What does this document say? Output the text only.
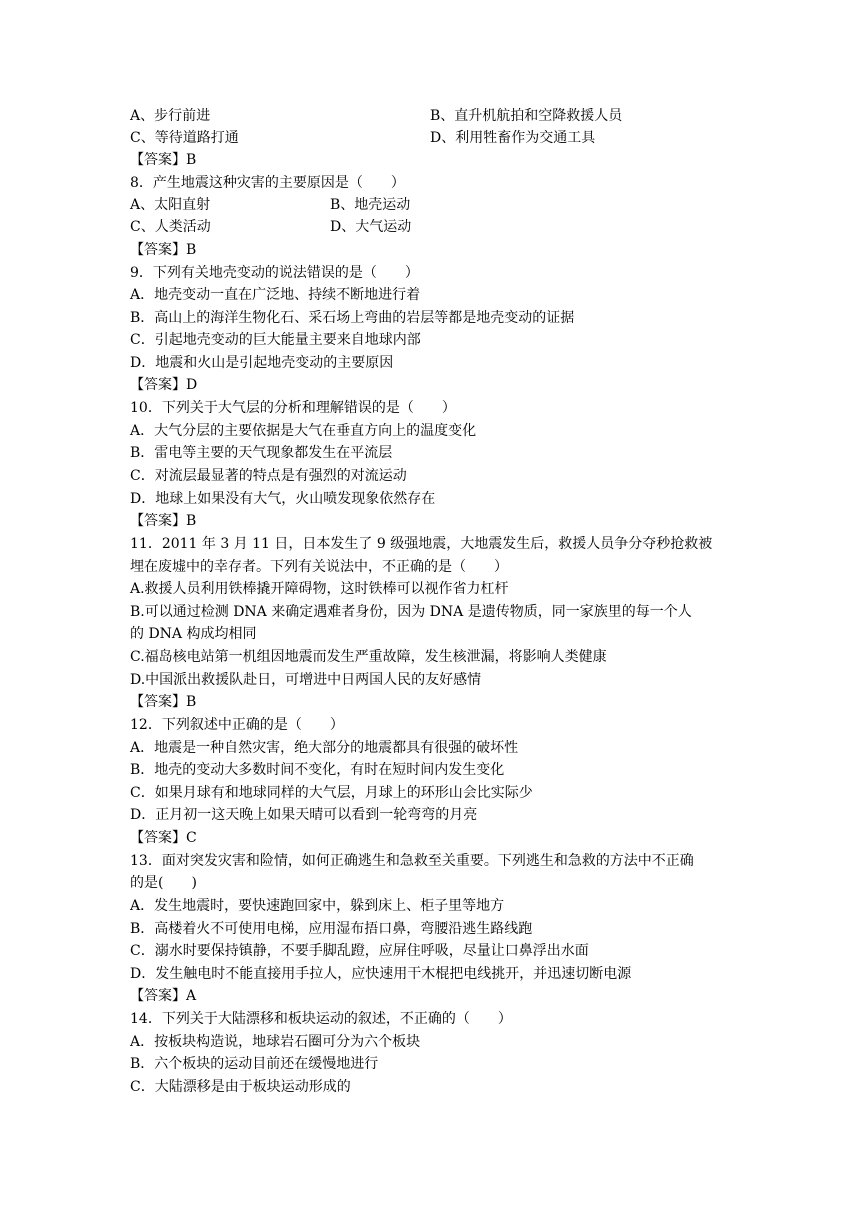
A、步行前进	B、直升机航拍和空降救援人员
C、等待道路打通	D、利用牲畜作为交通工具
【答案】B
8．产生地震这种灾害的主要原因是（　　）
A、太阳直射	B、地壳运动
C、人类活动	D、大气运动
【答案】B
9．下列有关地壳变动的说法错误的是（　　）
A．地壳变动一直在广泛地、持续不断地进行着
B．高山上的海洋生物化石、采石场上弯曲的岩层等都是地壳变动的证据
C．引起地壳变动的巨大能量主要来自地球内部
D．地震和火山是引起地壳变动的主要原因
【答案】D
10．下列关于大气层的分析和理解错误的是（　　）
A．大气分层的主要依据是大气在垂直方向上的温度变化
B．雷电等主要的天气现象都发生在平流层
C．对流层最显著的特点是有强烈的对流运动
D．地球上如果没有大气，火山喷发现象依然存在
【答案】B
11．2011 年 3 月 11 日，日本发生了 9 级强地震，大地震发生后，救援人员争分夺秒抢救被
埋在废墟中的幸存者。下列有关说法中，不正确的是（　　）
A.救援人员利用铁棒撬开障碍物，这时铁棒可以视作省力杠杆
B.可以通过检测 DNA 来确定遇难者身份，因为 DNA 是遗传物质，同一家族里的每一个人
的 DNA 构成均相同
C.福岛核电站第一机组因地震而发生严重故障，发生核泄漏，将影响人类健康
D.中国派出救援队赴日，可增进中日两国人民的友好感情
【答案】B
12．下列叙述中正确的是（　　）
A．地震是一种自然灾害，绝大部分的地震都具有很强的破坏性
B．地壳的变动大多数时间不变化，有时在短时间内发生变化
C．如果月球有和地球同样的大气层，月球上的环形山会比实际少
D．正月初一这天晚上如果天晴可以看到一轮弯弯的月亮
【答案】C
13．面对突发灾害和险情，如何正确逃生和急救至关重要。下列逃生和急救的方法中不正确
的是(　　)
A．发生地震时，要快速跑回家中，躲到床上、柜子里等地方
B．高楼着火不可使用电梯，应用湿布捂口鼻，弯腰沿逃生路线跑
C．溺水时要保持镇静，不要手脚乱蹬，应屏住呼吸，尽量让口鼻浮出水面
D．发生触电时不能直接用手拉人，应快速用干木棍把电线挑开，并迅速切断电源
【答案】A
14．下列关于大陆漂移和板块运动的叙述，不正确的（　　）
A．按板块构造说，地球岩石圈可分为六个板块
B．六个板块的运动目前还在缓慢地进行
C．大陆漂移是由于板块运动形成的
